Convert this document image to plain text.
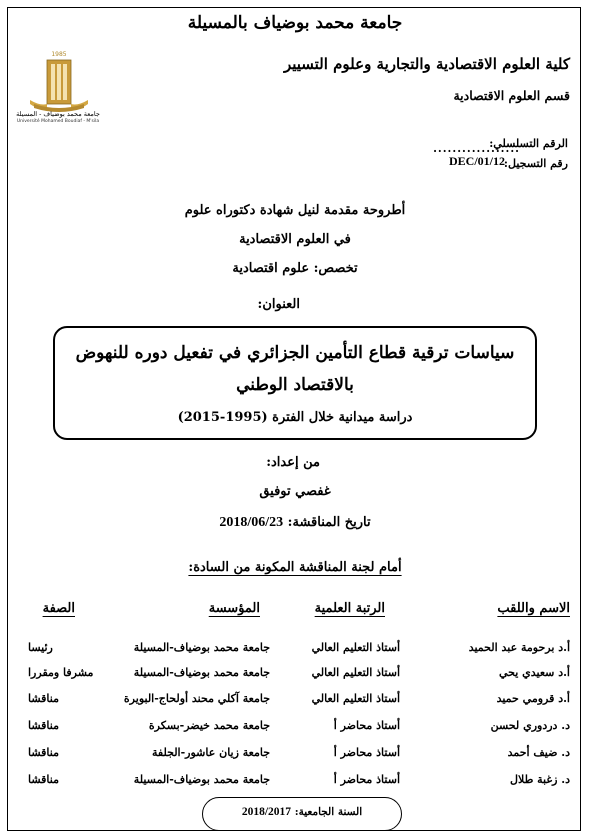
جامعة محمد بوضياف بالمسيلة
كلية العلوم الاقتصادية والتجارية وعلوم التسيير
قسم العلوم الاقتصادية
1985
جامعة محمد بوضياف - المسيلة
Université Mohamed Boudiaf - M'sila
الرقم التسلسلي:
..................
رقم التسجيل:
DEC/01/12
أطروحة مقدمة لنيل شهادة دكتوراه علوم
في العلوم الاقتصادية
تخصص: علوم اقتصادية
العنوان:
سياسات ترقية قطاع التأمين الجزائري في تفعيل دوره للنهوض
بالاقتصاد الوطني
دراسة ميدانية خلال الفترة (1995-2015)
من إعداد:
غفصي توفيق
تاريخ المناقشة: 2018/06/23
أمام لجنة المناقشة المكونة من السادة:
الاسم واللقب
الرتبة العلمية
المؤسسة
الصفة
أ.د برحومة عبد الحميد
أستاذ التعليم العالي
جامعة محمد بوضياف-المسيلة
رئيسا
أ.د سعيدي يحي
أستاذ التعليم العالي
جامعة محمد بوضياف-المسيلة
مشرفا ومقررا
أ.د قرومي حميد
أستاذ التعليم العالي
جامعة آكلي محند أولحاج-البويرة
مناقشا
د. دردوري لحسن
أستاذ محاضر أ
جامعة محمد خيضر-بسكرة
مناقشا
د. ضيف أحمد
أستاذ محاضر أ
جامعة زيان عاشور-الجلفة
مناقشا
د. زغبة طلال
أستاذ محاضر أ
جامعة محمد بوضياف-المسيلة
مناقشا
السنة الجامعية: 2018/2017
